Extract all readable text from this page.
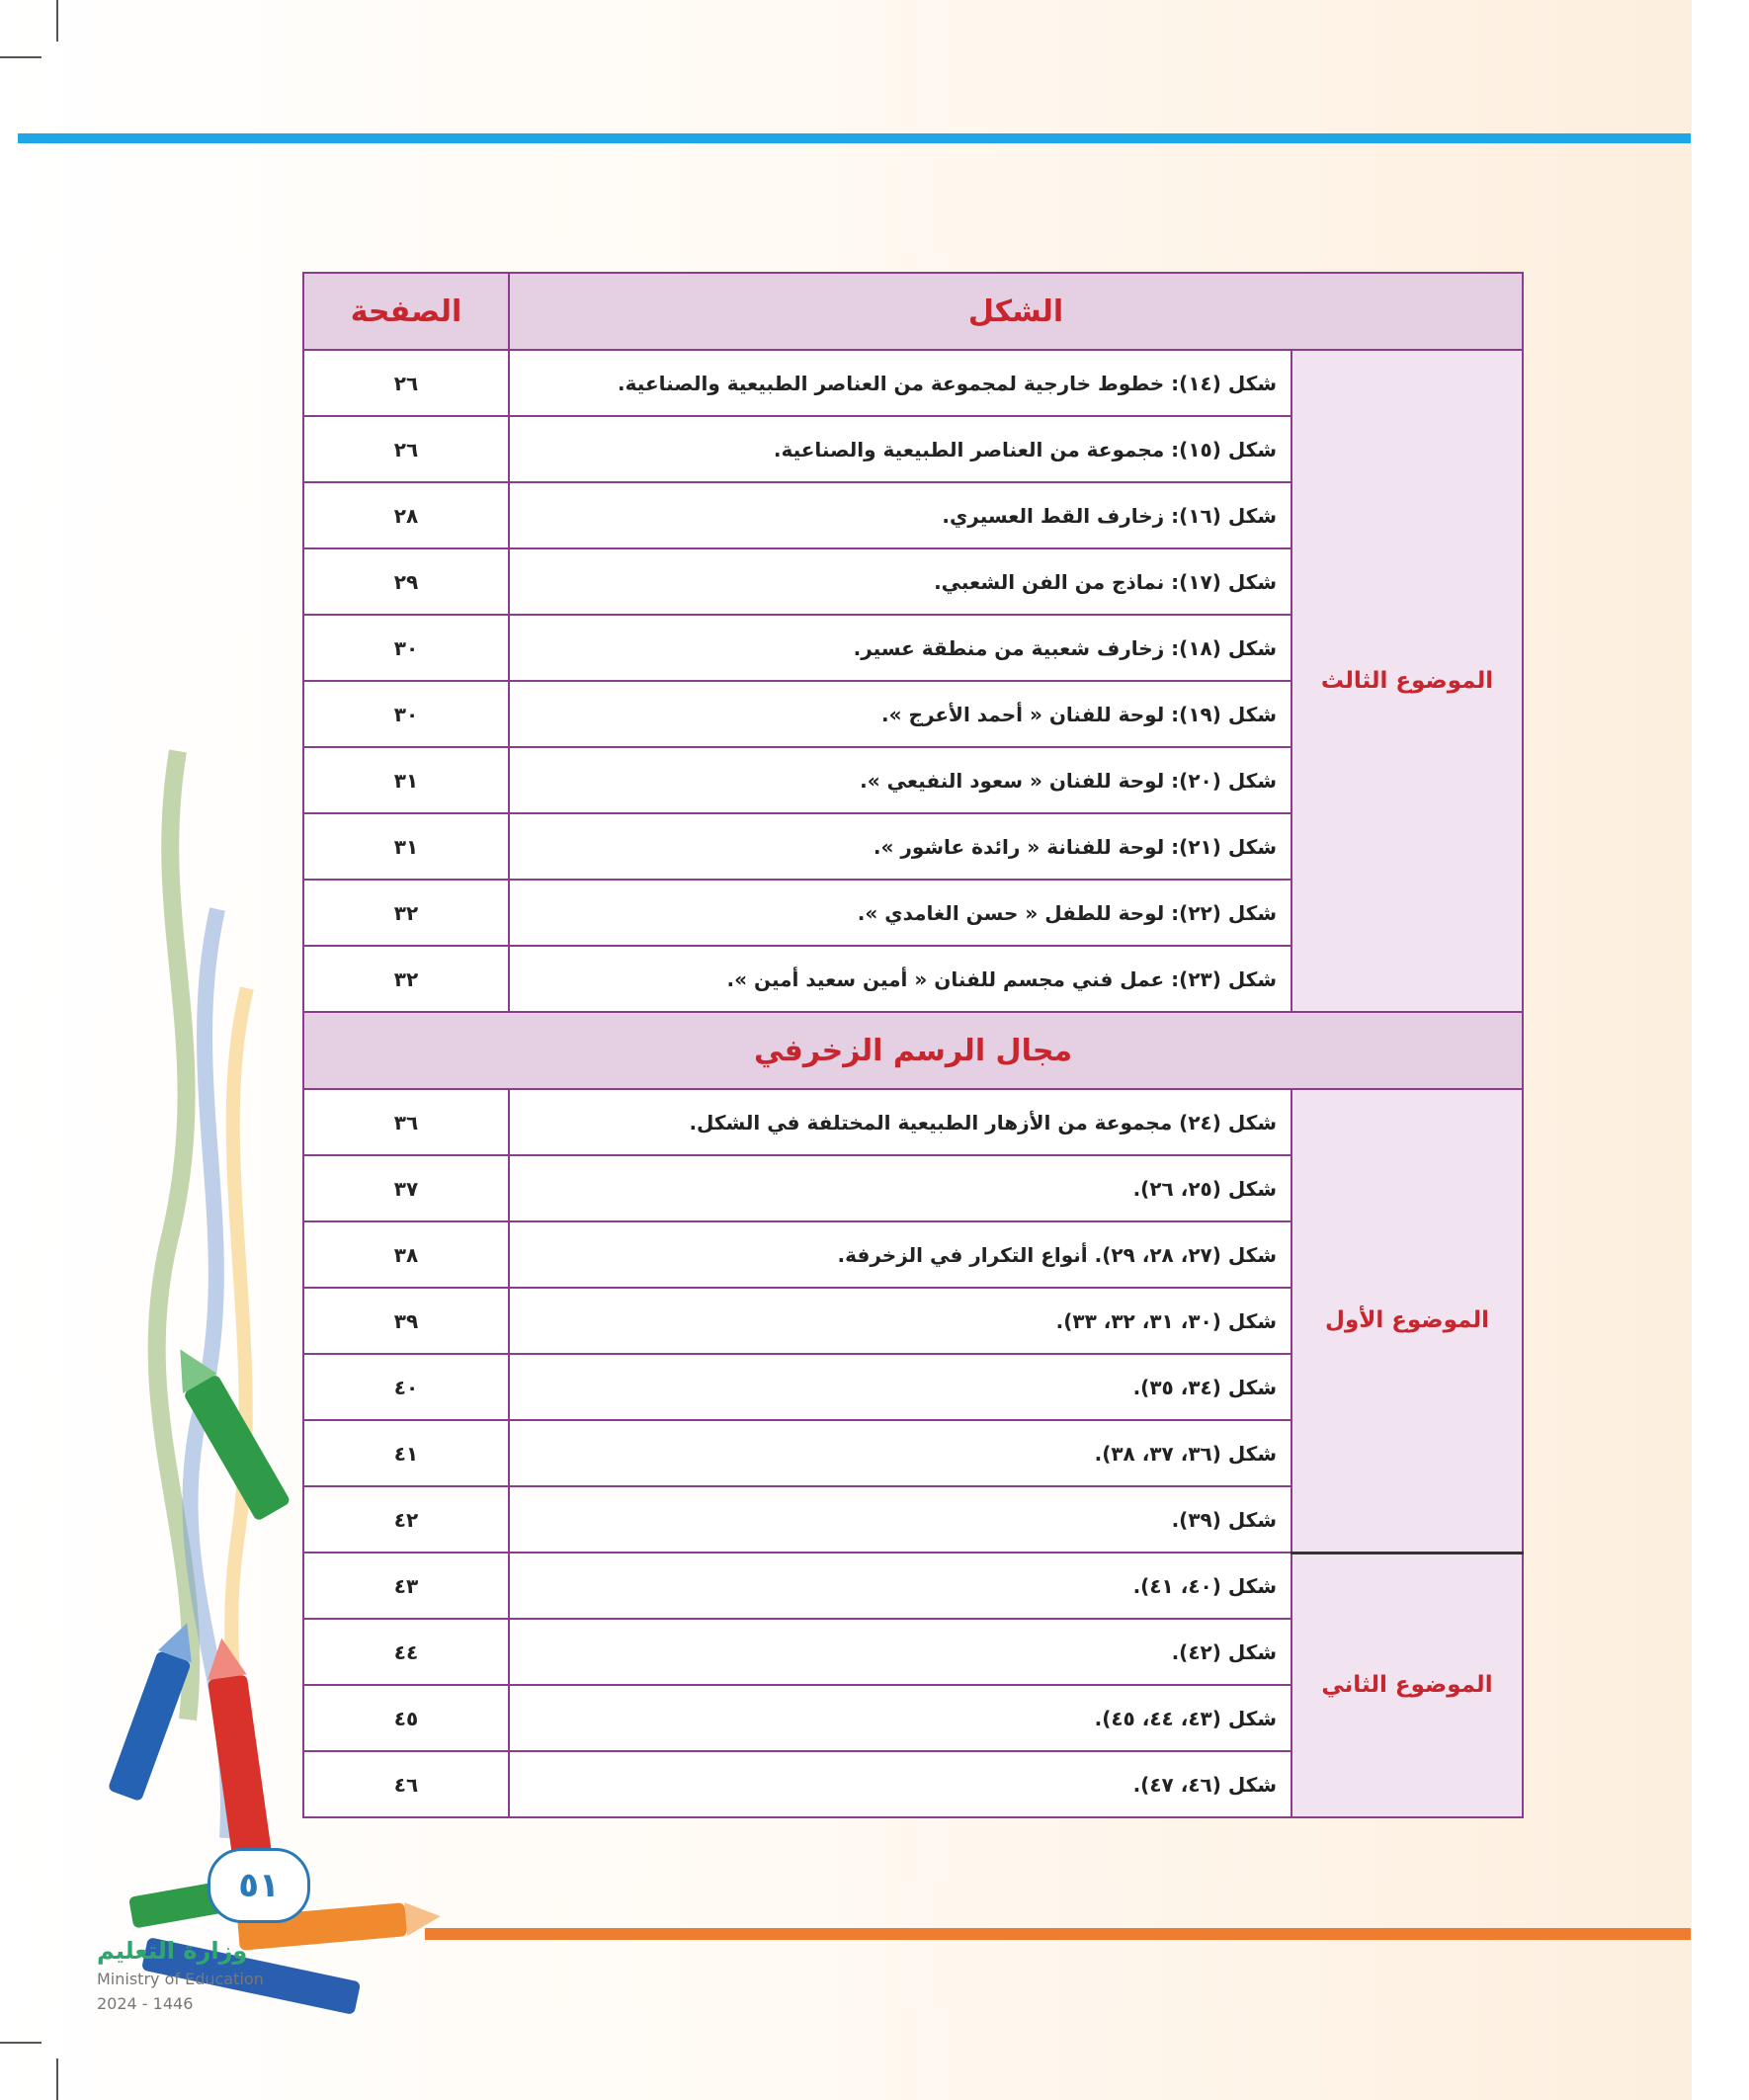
الشكل		الصفحة
الموضوع الثالث	شكل (١٤): خطوط خارجية لمجموعة من العناصر الطبيعية والصناعية.	٢٦
	شكل (١٥): مجموعة من العناصر الطبيعية والصناعية.	٢٦
	شكل (١٦): زخارف القط العسيري.	٢٨
	شكل (١٧): نماذج من الفن الشعبي.	٢٩
	شكل (١٨): زخارف شعبية من منطقة عسير.	٣٠
	شكل (١٩): لوحة للفنان « أحمد الأعرج ».	٣٠
	شكل (٢٠): لوحة للفنان « سعود النفيعي ».	٣١
	شكل (٢١): لوحة للفنانة « رائدة عاشور ».	٣١
	شكل (٢٢): لوحة للطفل « حسن الغامدي ».	٣٢
	شكل (٢٣): عمل فني مجسم للفنان « أمين سعيد أمين ».	٣٢
مجال الرسم الزخرفي		
الموضوع الأول	شكل (٢٤) مجموعة من الأزهار الطبيعية المختلفة في الشكل.	٣٦
	شكل (٢٥، ٢٦).	٣٧
	شكل (٢٧، ٢٨، ٢٩). أنواع التكرار في الزخرفة.	٣٨
	شكل (٣٠، ٣١، ٣٢، ٣٣).	٣٩
	شكل (٣٤، ٣٥).	٤٠
	شكل (٣٦، ٣٧، ٣٨).	٤١
	شكل (٣٩).	٤٢
الموضوع الثاني	شكل (٤٠، ٤١).	٤٣
	شكل (٤٢).	٤٤
	شكل (٤٣، ٤٤، ٤٥).	٤٥
	شكل (٤٦، ٤٧).	٤٦
٥١
وزارة التعليم
Ministry of Education
2024 - 1446
